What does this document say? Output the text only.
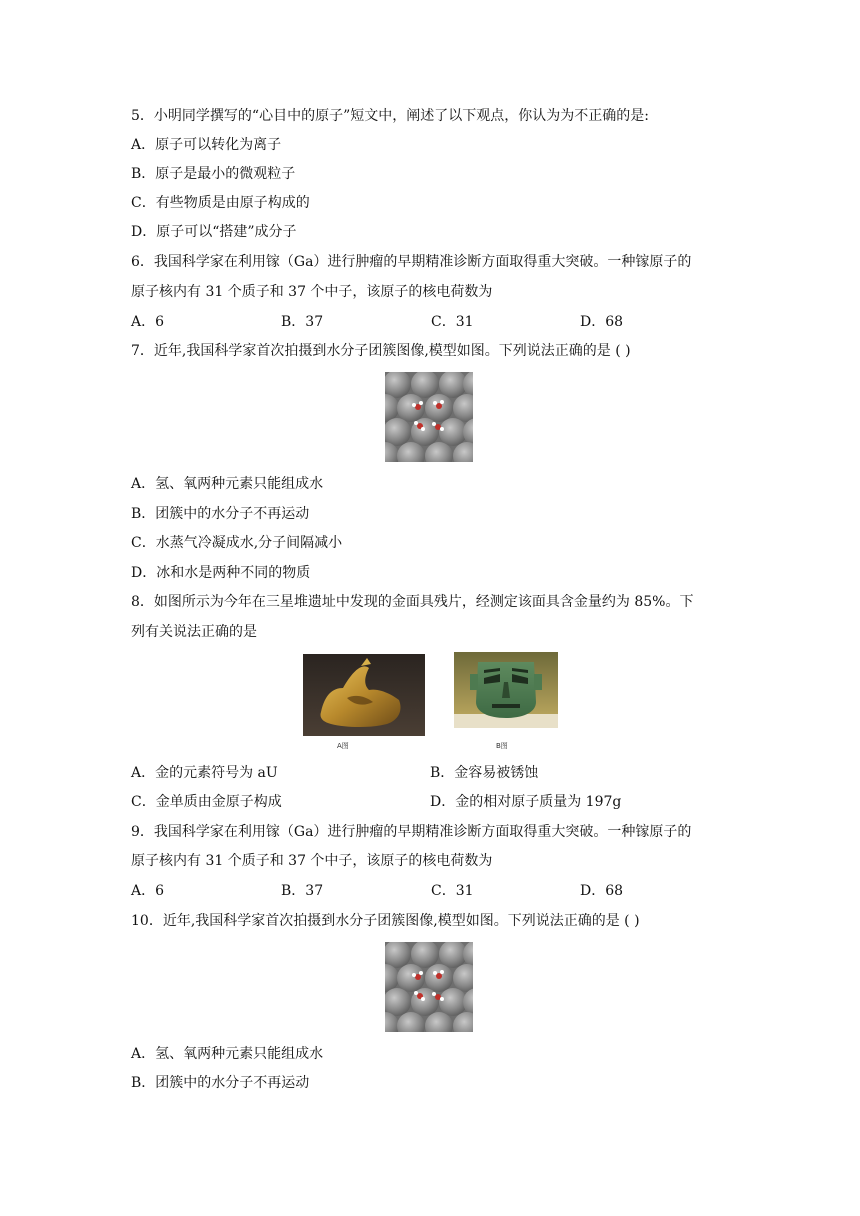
5．小明同学撰写的“心目中的原子”短文中，阐述了以下观点，你认为为不正确的是:
A．原子可以转化为离子
B．原子是最小的微观粒子
C．有些物质是由原子构成的
D．原子可以“搭建”成分子
6．我国科学家在利用镓（Ga）进行肿瘤的早期精准诊断方面取得重大突破。一种镓原子的
原子核内有 31 个质子和 37 个中子，该原子的核电荷数为
A．6	B．37	C．31	D．68
7．近年,我国科学家首次拍摄到水分子团簇图像,模型如图。下列说法正确的是 ( )
A．氢、氧两种元素只能组成水
B．团簇中的水分子不再运动
C．水蒸气冷凝成水,分子间隔减小
D．冰和水是两种不同的物质
8．如图所示为今年在三星堆遗址中发现的金面具残片，经测定该面具含金量约为 85%。下
列有关说法正确的是
A图	B图
A．金的元素符号为 aU	B．金容易被锈蚀
C．金单质由金原子构成	D．金的相对原子质量为 197g
9．我国科学家在利用镓（Ga）进行肿瘤的早期精准诊断方面取得重大突破。一种镓原子的
原子核内有 31 个质子和 37 个中子，该原子的核电荷数为
A．6	B．37	C．31	D．68
10．近年,我国科学家首次拍摄到水分子团簇图像,模型如图。下列说法正确的是 ( )
A．氢、氧两种元素只能组成水
B．团簇中的水分子不再运动
